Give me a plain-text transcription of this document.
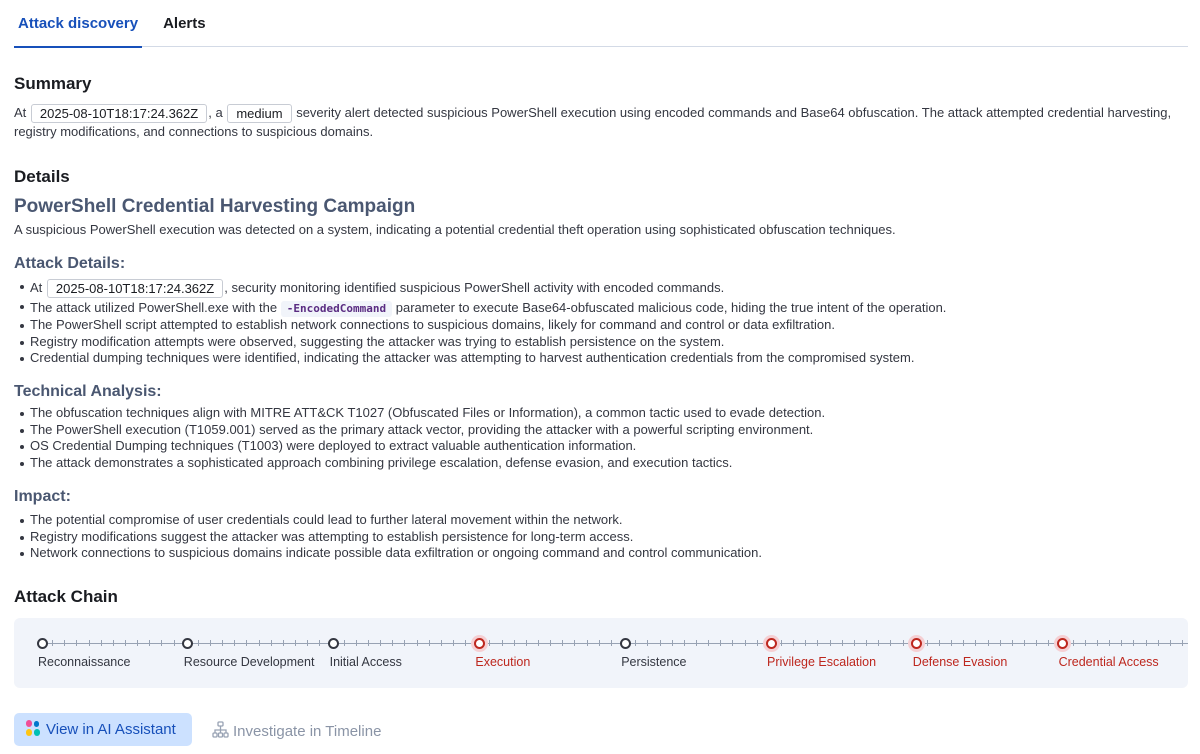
Attack discovery Alerts
Summary
At 2025-08-10T18:17:24.362Z , a medium severity alert detected suspicious PowerShell execution using encoded commands and Base64 obfuscation. The attack attempted credential harvesting, registry modifications, and connections to suspicious domains.
Details
PowerShell Credential Harvesting Campaign
A suspicious PowerShell execution was detected on a system, indicating a potential credential theft operation using sophisticated obfuscation techniques.
Attack Details:
At 2025-08-10T18:17:24.362Z , security monitoring identified suspicious PowerShell activity with encoded commands.
The attack utilized PowerShell.exe with the -EncodedCommand parameter to execute Base64-obfuscated malicious code, hiding the true intent of the operation.
The PowerShell script attempted to establish network connections to suspicious domains, likely for command and control or data exfiltration.
Registry modification attempts were observed, suggesting the attacker was trying to establish persistence on the system.
Credential dumping techniques were identified, indicating the attacker was attempting to harvest authentication credentials from the compromised system.
Technical Analysis:
The obfuscation techniques align with MITRE ATT&CK T1027 (Obfuscated Files or Information), a common tactic used to evade detection.
The PowerShell execution (T1059.001) served as the primary attack vector, providing the attacker with a powerful scripting environment.
OS Credential Dumping techniques (T1003) were deployed to extract valuable authentication information.
The attack demonstrates a sophisticated approach combining privilege escalation, defense evasion, and execution tactics.
Impact:
The potential compromise of user credentials could lead to further lateral movement within the network.
Registry modifications suggest the attacker was attempting to establish persistence for long-term access.
Network connections to suspicious domains indicate possible data exfiltration or ongoing command and control communication.
Attack Chain
Reconnaissance	Resource Development Initial Access	Execution	Persistence	Privilege Escalation	Defense Evasion	Credential Access
View in AI Assistant	Investigate in Timeline
